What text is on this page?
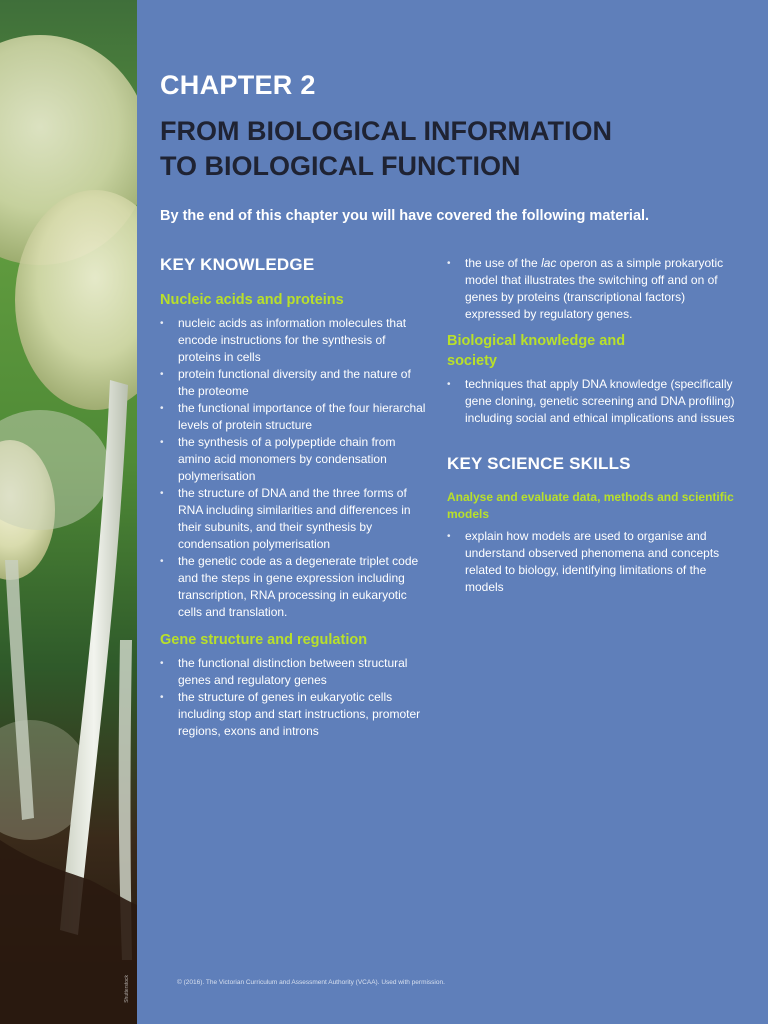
Shutterstock
CHAPTER 2
FROM BIOLOGICAL INFORMATION
TO BIOLOGICAL FUNCTION

By the end of this chapter you will have covered the following material.

KEY KNOWLEDGE
Nucleic acids and proteins
• nucleic acids as information molecules that encode instructions for the synthesis of proteins in cells
• protein functional diversity and the nature of the proteome
• the functional importance of the four hierarchal levels of protein structure
• the synthesis of a polypeptide chain from amino acid monomers by condensation polymerisation
• the structure of DNA and the three forms of RNA including similarities and differences in their subunits, and their synthesis by condensation polymerisation
• the genetic code as a degenerate triplet code and the steps in gene expression including transcription, RNA processing in eukaryotic cells and translation.
Gene structure and regulation
• the functional distinction between structural genes and regulatory genes
• the structure of genes in eukaryotic cells including stop and start instructions, promoter regions, exons and introns
• the use of the lac operon as a simple prokaryotic model that illustrates the switching off and on of genes by proteins (transcriptional factors) expressed by regulatory genes.
Biological knowledge and society
• techniques that apply DNA knowledge (specifically gene cloning, genetic screening and DNA profiling) including social and ethical implications and issues
KEY SCIENCE SKILLS
Analyse and evaluate data, methods and scientific models
• explain how models are used to organise and understand observed phenomena and concepts related to biology, identifying limitations of the models
© (2016). The Victorian Curriculum and Assessment Authority (VCAA). Used with permission.
